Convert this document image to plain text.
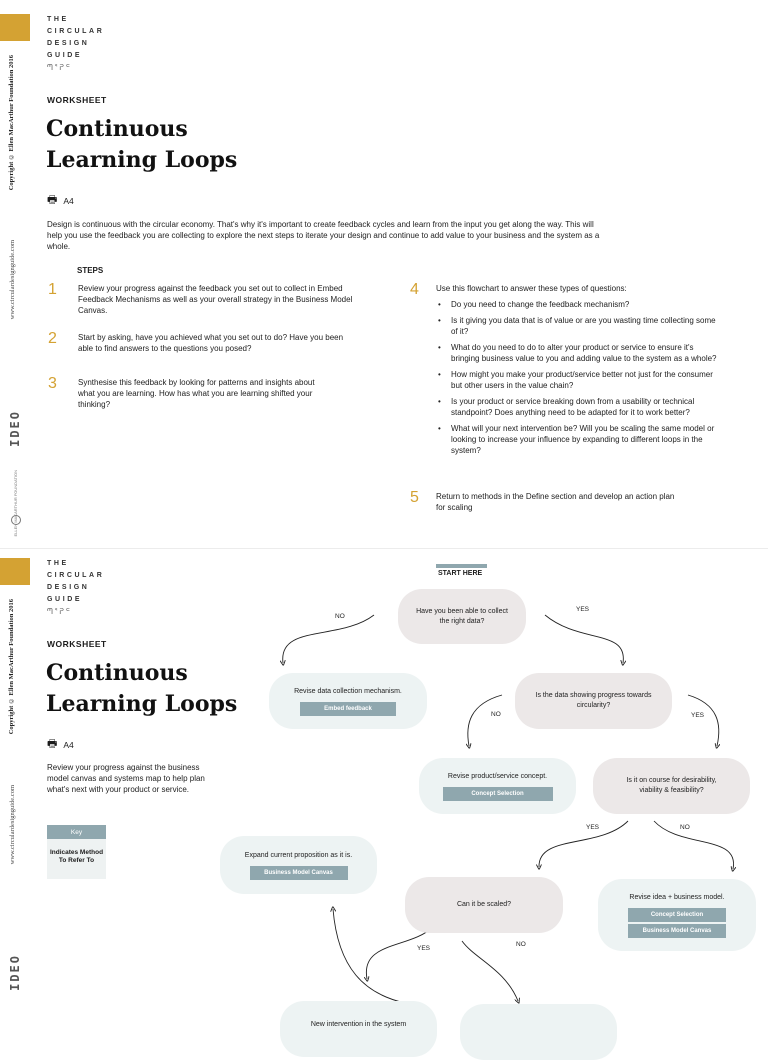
Copyright © Ellen MacArthur Foundation 2016
www.circulardesignguide.com
IDEO
ELLEN MACARTHUR FOUNDATION
THE
CIRCULAR
DESIGN
GUIDE
ᘉᕐᕈᑦ
WORKSHEET
Continuous
Learning Loops
🖶 A4
Design is continuous with the circular economy. That's why it's important to create feedback cycles and learn from the input you get along the way. This will help you use the feedback you are collecting to explore the next steps to iterate your design and continue to add value to your business and the system as a whole.
STEPS
1	Review your progress against the feedback you set out to collect in Embed Feedback Mechanisms as well as your overall strategy in the Business Model Canvas.
2	Start by asking, have you achieved what you set out to do? Have you been able to find answers to the questions you posed?
3	Synthesise this feedback by looking for patterns and insights about what you are learning. How has what you are learning shifted your thinking?
4 Use this flowchart to answer these types of questions:
• Do you need to change the feedback mechanism?
• Is it giving you data that is of value or are you wasting time collecting some of it?
• What do you need to do to alter your product or service to ensure it's bringing business value to you and adding value to the system as a whole?
• How might you make your product/service better not just for the consumer but other users in the value chain?
• Is your product or service breaking down from a usability or technical standpoint? Does anything need to be adapted for it to work better?
• What will your next intervention be? Will you be scaling the same model or looking to increase your influence by expanding to different loops in the system?
5 Return to methods in the Define section and develop an action plan for scaling
Copyright © Ellen MacArthur Foundation 2016
www.circulardesignguide.com
IDEO
THE
CIRCULAR
DESIGN
GUIDE
ᘉᕐᕈᑦ
WORKSHEET
Continuous
Learning Loops
🖶 A4
Review your progress against the business model canvas and systems map to help plan what's next with your product or service.
Key
Indicates Method To Refer To
START HERE
Have you been able to collect the right data?
Revise data collection mechanism.
Embed feedback
Is the data showing progress towards circularity?
Revise product/service concept.
Concept Selection
Is it on course for desirability, viability & feasibility?
Expand current proposition as it is.
Business Model Canvas
Can it be scaled?
Revise idea + business model.
Concept Selection
Business Model Canvas
New intervention in the system
NO
YES
NO	YES
YES	NO
YES
NO
